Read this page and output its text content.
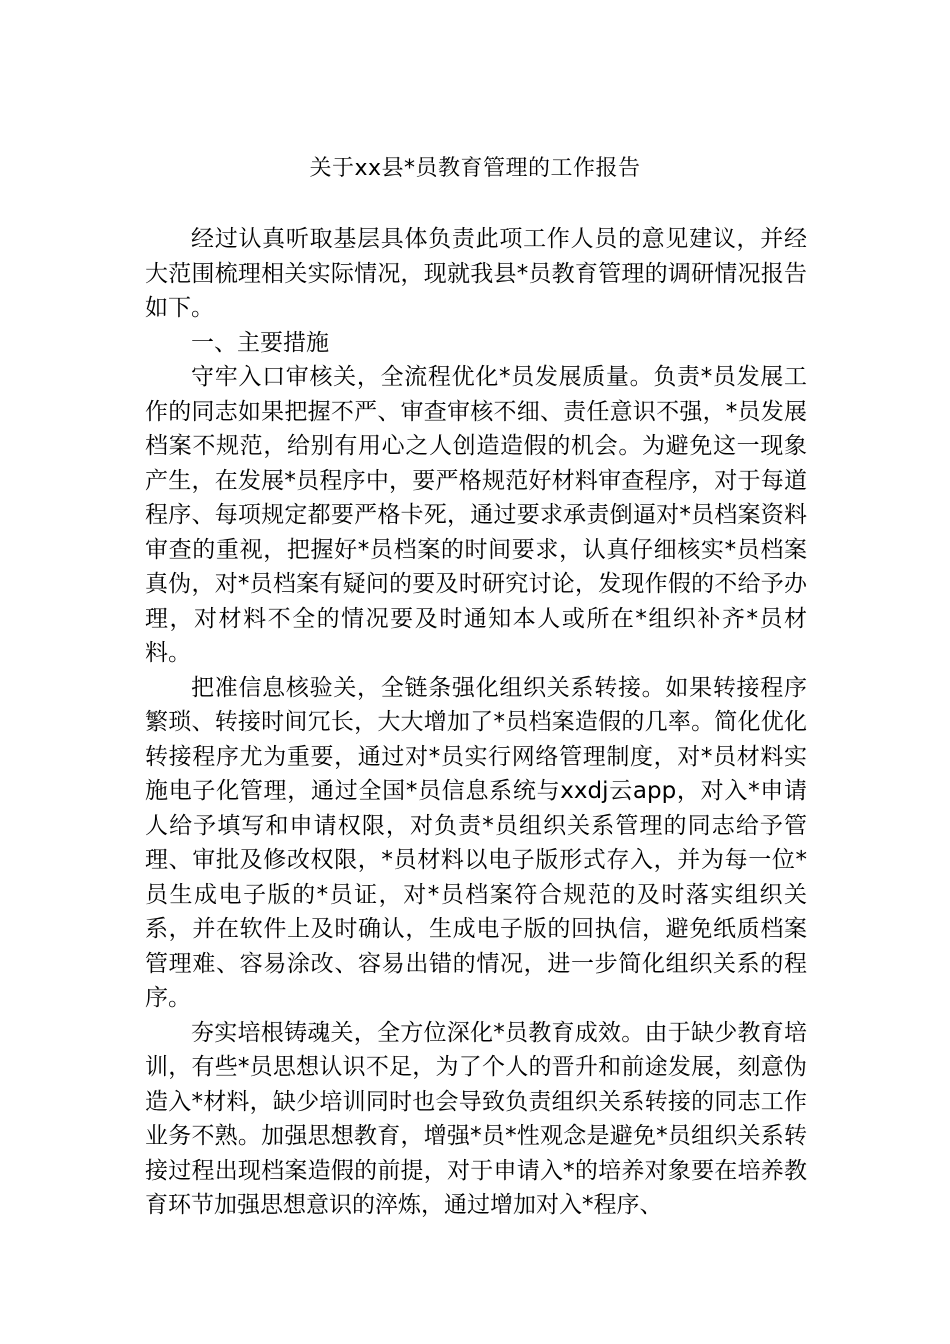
关于xx县*员教育管理的工作报告

经过认真听取基层具体负责此项工作人员的意见建议，并经大范围梳理相关实际情况，现就我县*员教育管理的调研情况报告如下。

一、主要措施

守牢入口审核关，全流程优化*员发展质量。负责*员发展工作的同志如果把握不严、审查审核不细、责任意识不强，*员发展档案不规范，给别有用心之人创造造假的机会。为避免这一现象产生，在发展*员程序中，要严格规范好材料审查程序，对于每道程序、每项规定都要严格卡死，通过要求承责倒逼对*员档案资料审查的重视，把握好*员档案的时间要求，认真仔细核实*员档案真伪，对*员档案有疑问的要及时研究讨论，发现作假的不给予办理，对材料不全的情况要及时通知本人或所在*组织补齐*员材料。

把准信息核验关，全链条强化组织关系转接。如果转接程序繁琐、转接时间冗长，大大增加了*员档案造假的几率。简化优化转接程序尤为重要，通过对*员实行网络管理制度，对*员材料实施电子化管理，通过全国*员信息系统与xxdj云app，对入*申请人给予填写和申请权限，对负责*员组织关系管理的同志给予管理、审批及修改权限，*员材料以电子版形式存入，并为每一位*员生成电子版的*员证，对*员档案符合规范的及时落实组织关系，并在软件上及时确认，生成电子版的回执信，避免纸质档案管理难、容易涂改、容易出错的情况，进一步简化组织关系的程序。

夯实培根铸魂关，全方位深化*员教育成效。由于缺少教育培训，有些*员思想认识不足，为了个人的晋升和前途发展，刻意伪造入*材料，缺少培训同时也会导致负责组织关系转接的同志工作业务不熟。加强思想教育，增强*员*性观念是避免*员组织关系转接过程出现档案造假的前提，对于申请入*的培养对象要在培养教育环节加强思想意识的淬炼，通过增加对入*程序、
